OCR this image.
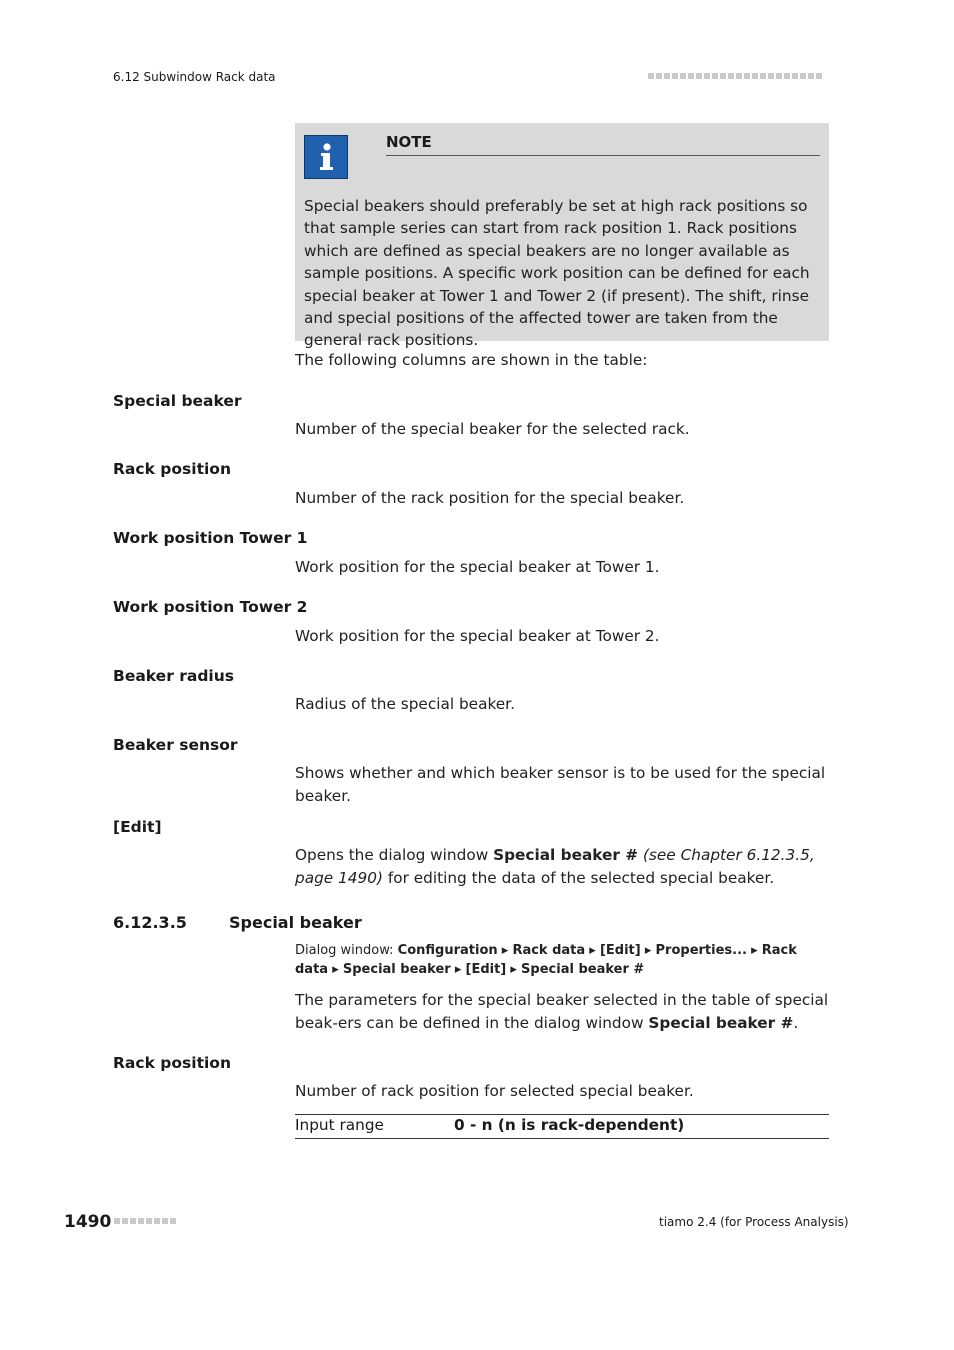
6.12 Subwindow Rack data
NOTE
Special beakers should preferably be set at high rack positions so that sample series can start from rack position 1. Rack positions which are defined as special beakers are no longer available as sample positions. A specific work position can be defined for each special beaker at Tower 1 and Tower 2 (if present). The shift, rinse and special positions of the affected tower are taken from the general rack positions.
The following columns are shown in the table:
Special beaker
Number of the special beaker for the selected rack.
Rack position
Number of the rack position for the special beaker.
Work position Tower 1
Work position for the special beaker at Tower 1.
Work position Tower 2
Work position for the special beaker at Tower 2.
Beaker radius
Radius of the special beaker.
Beaker sensor
Shows whether and which beaker sensor is to be used for the special beaker.
[Edit]
Opens the dialog window Special beaker # (see Chapter 6.12.3.5, page 1490) for editing the data of the selected special beaker.
6.12.3.5	Special beaker
Dialog window: Configuration ▸ Rack data ▸ [Edit] ▸ Properties... ▸ Rack data ▸ Special beaker ▸ [Edit] ▸ Special beaker #
The parameters for the special beaker selected in the table of special beak-ers can be defined in the dialog window Special beaker #.
Rack position
Number of rack position for selected special beaker.
Input range	0 - n (n is rack-dependent)
1490	tiamo 2.4 (for Process Analysis)
